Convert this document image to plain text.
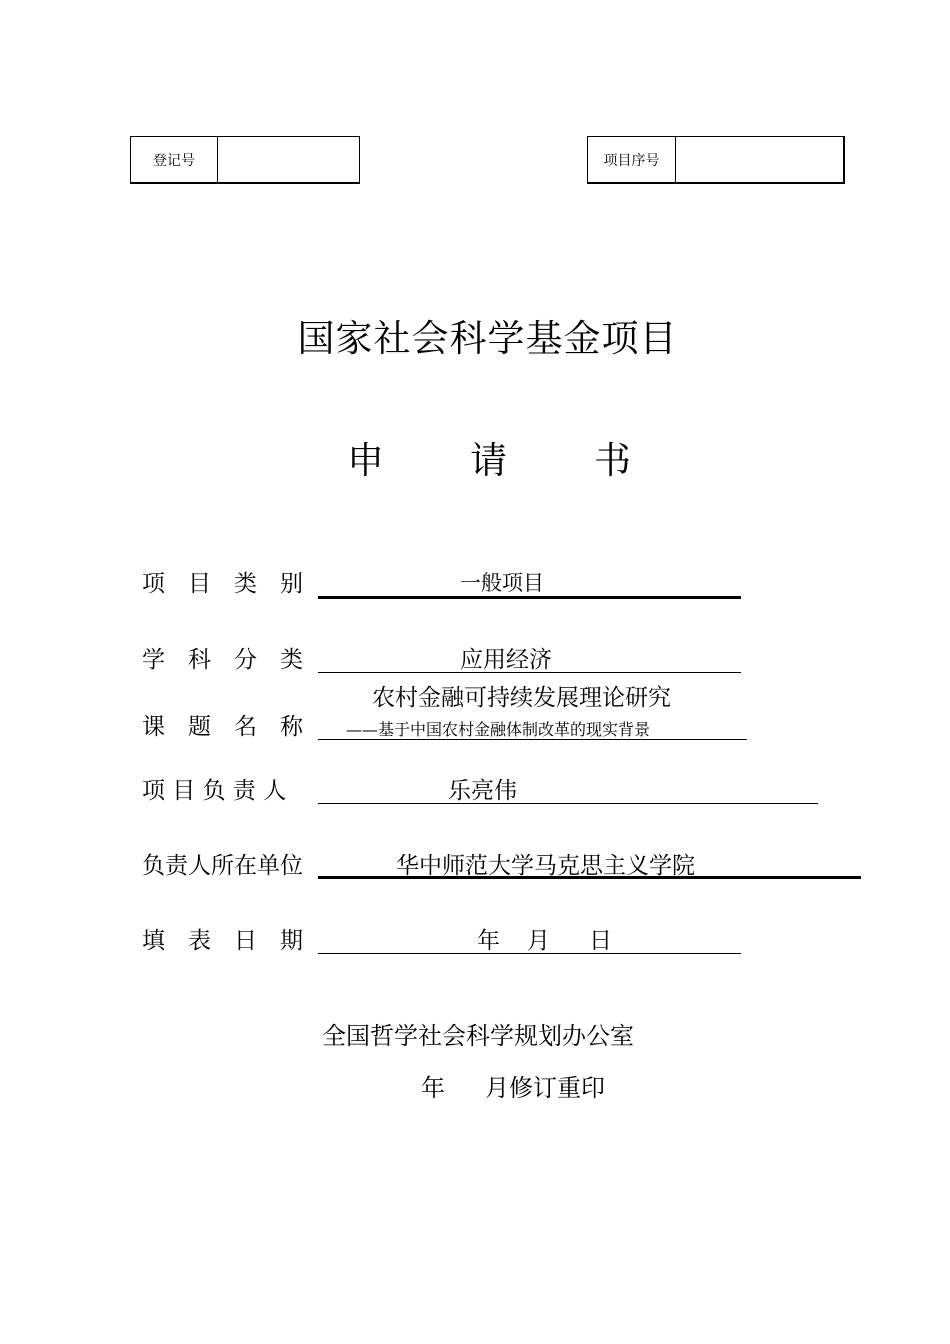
登记号	项目序号
国家社会科学基金项目
申 请 书
项　目　类　别	一般项目
学　科　分　类	应用经济
农村金融可持续发展理论研究
课　题　名　称	——基于中国农村金融体制改革的现实背景
项 目 负 责 人	乐亮伟
负责人所在单位	华中师范大学马克思主义学院
填　表　日　期	年 月 日
全国哲学社会科学规划办公室
年 月修订重印
